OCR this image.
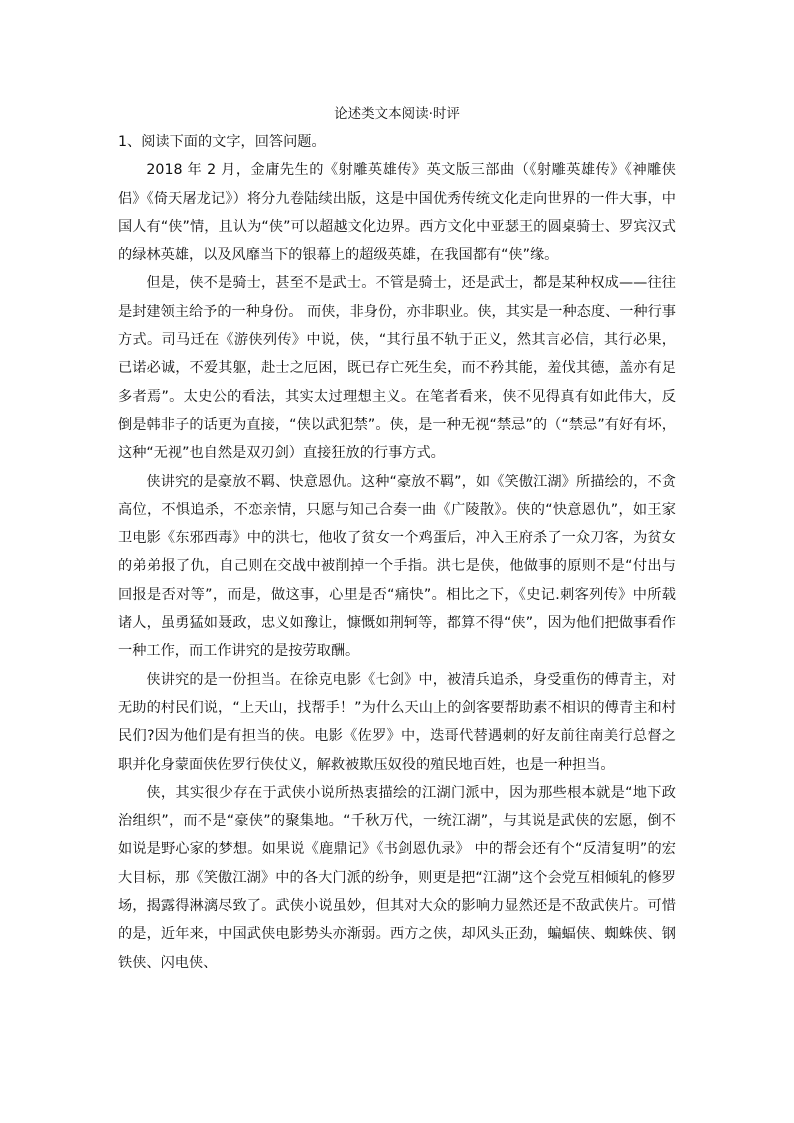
论述类文本阅读·时评

1、阅读下面的文字，回答问题。

2018 年 2 月，金庸先生的《射雕英雄传》英文版三部曲（《射雕英雄传》《神雕侠侣》《倚天屠龙记》）将分九卷陆续出版，这是中国优秀传统文化走向世界的一件大事，中国人有“侠”情，且认为“侠”可以超越文化边界。西方文化中亚瑟王的圆桌骑士、罗宾汉式的绿林英雄，以及风靡当下的银幕上的超级英雄，在我国都有“侠”缘。

但是，侠不是骑士，甚至不是武士。不管是骑士，还是武士，都是某种权成——往往是封建领主给予的一种身份。 而侠，非身份，亦非职业。侠，其实是一种态度、一种行事方式。司马迁在《游侠列传》中说，侠，“其行虽不轨于正义，然其言必信，其行必果，已诺必诚，不爱其躯，赴士之厄困，既已存亡死生矣，而不矜其能，羞伐其德，盖亦有足多者焉”。太史公的看法，其实太过理想主义。在笔者看来，侠不见得真有如此伟大，反倒是韩非子的话更为直接，“侠以武犯禁”。侠，是一种无视“禁忌”的（“禁忌”有好有坏，这种“无视”也自然是双刃剑）直接狂放的行事方式。

侠讲究的是豪放不羁、快意恩仇。这种“豪放不羁”，如《笑傲江湖》所描绘的，不贪高位，不惧追杀，不恋亲情，只愿与知己合奏一曲《广陵散》。侠的“快意恩仇”，如王家卫电影《东邪西毒》中的洪七，他收了贫女一个鸡蛋后，冲入王府杀了一众刀客，为贫女的弟弟报了仇，自己则在交战中被削掉一个手指。洪七是侠，他做事的原则不是“付出与回报是否对等”，而是，做这事，心里是否“痛快”。相比之下，《史记.刺客列传》中所载诸人，虽勇猛如聂政，忠义如豫让，慷慨如荆轲等，都算不得“侠”，因为他们把做事看作一种工作，而工作讲究的是按劳取酬。

侠讲究的是一份担当。在徐克电影《七剑》中，被清兵追杀，身受重伤的傅青主，对无助的村民们说，“上天山，找帮手！”为什么天山上的剑客要帮助素不相识的傅青主和村民们?因为他们是有担当的侠。电影《佐罗》中，迭哥代替遇刺的好友前往南美行总督之职并化身蒙面侠佐罗行侠仗义，解救被欺压奴役的殖民地百姓，也是一种担当。

侠，其实很少存在于武侠小说所热衷描绘的江湖门派中，因为那些根本就是“地下政治组织”，而不是“豪侠”的聚集地。“千秋万代，一统江湖”，与其说是武侠的宏愿，倒不如说是野心家的梦想。如果说《鹿鼎记》《书剑恩仇录》 中的帮会还有个“反清复明”的宏大目标，那《笑傲江湖》中的各大门派的纷争，则更是把“江湖”这个会党互相倾轧的修罗场，揭露得淋漓尽致了。武侠小说虽妙，但其对大众的影响力显然还是不敌武侠片。可惜的是，近年来，中国武侠电影势头亦渐弱。西方之侠，却风头正劲，蝙蝠侠、蜘蛛侠、钢铁侠、闪电侠、
